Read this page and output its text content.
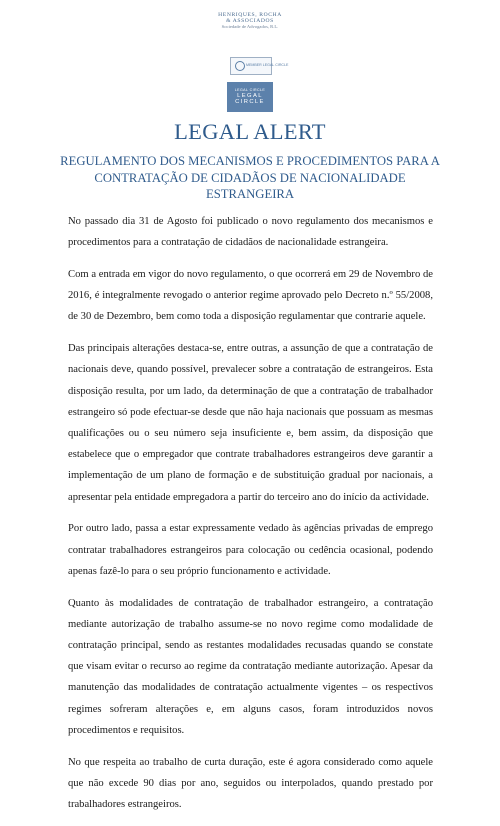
HENRIQUES, ROCHA
& ASSOCIADOS
Sociedade de Advogados, R.L.
MEMBER LEGAL CIRCLE
LEGAL CIRCLE
LEGAL
CIRCLE
LEGAL ALERT
REGULAMENTO DOS MECANISMOS E PROCEDIMENTOS PARA A CONTRATAÇÃO DE CIDADÃOS DE NACIONALIDADE ESTRANGEIRA

No passado dia 31 de Agosto foi publicado o novo regulamento dos mecanismos e procedimentos para a contratação de cidadãos de nacionalidade estrangeira.

Com a entrada em vigor do novo regulamento, o que ocorrerá em 29 de Novembro de 2016, é integralmente revogado o anterior regime aprovado pelo Decreto n.º 55/2008, de 30 de Dezembro, bem como toda a disposição regulamentar que contrarie aquele.

Das principais alterações destaca-se, entre outras, a assunção de que a contratação de nacionais deve, quando possível, prevalecer sobre a contratação de estrangeiros. Esta disposição resulta, por um lado, da determinação de que a contratação de trabalhador estrangeiro só pode efectuar-se desde que não haja nacionais que possuam as mesmas qualificações ou o seu número seja insuficiente e, bem assim, da disposição que estabelece que o empregador que contrate trabalhadores estrangeiros deve garantir a implementação de um plano de formação e de substituição gradual por nacionais, a apresentar pela entidade empregadora a partir do terceiro ano do início da actividade.

Por outro lado, passa a estar expressamente vedado às agências privadas de emprego contratar trabalhadores estrangeiros para colocação ou cedência ocasional, podendo apenas fazê-lo para o seu próprio funcionamento e actividade.

Quanto às modalidades de contratação de trabalhador estrangeiro, a contratação mediante autorização de trabalho assume-se no novo regime como modalidade de contratação principal, sendo as restantes modalidades recusadas quando se constate que visam evitar o recurso ao regime da contratação mediante autorização. Apesar da manutenção das modalidades de contratação actualmente vigentes – os respectivos regimes sofreram alterações e, em alguns casos, foram introduzidos novos procedimentos e requisitos.

No que respeita ao trabalho de curta duração, este é agora considerado como aquele que não excede 90 dias por ano, seguidos ou interpolados, quando prestado por trabalhadores estrangeiros.
